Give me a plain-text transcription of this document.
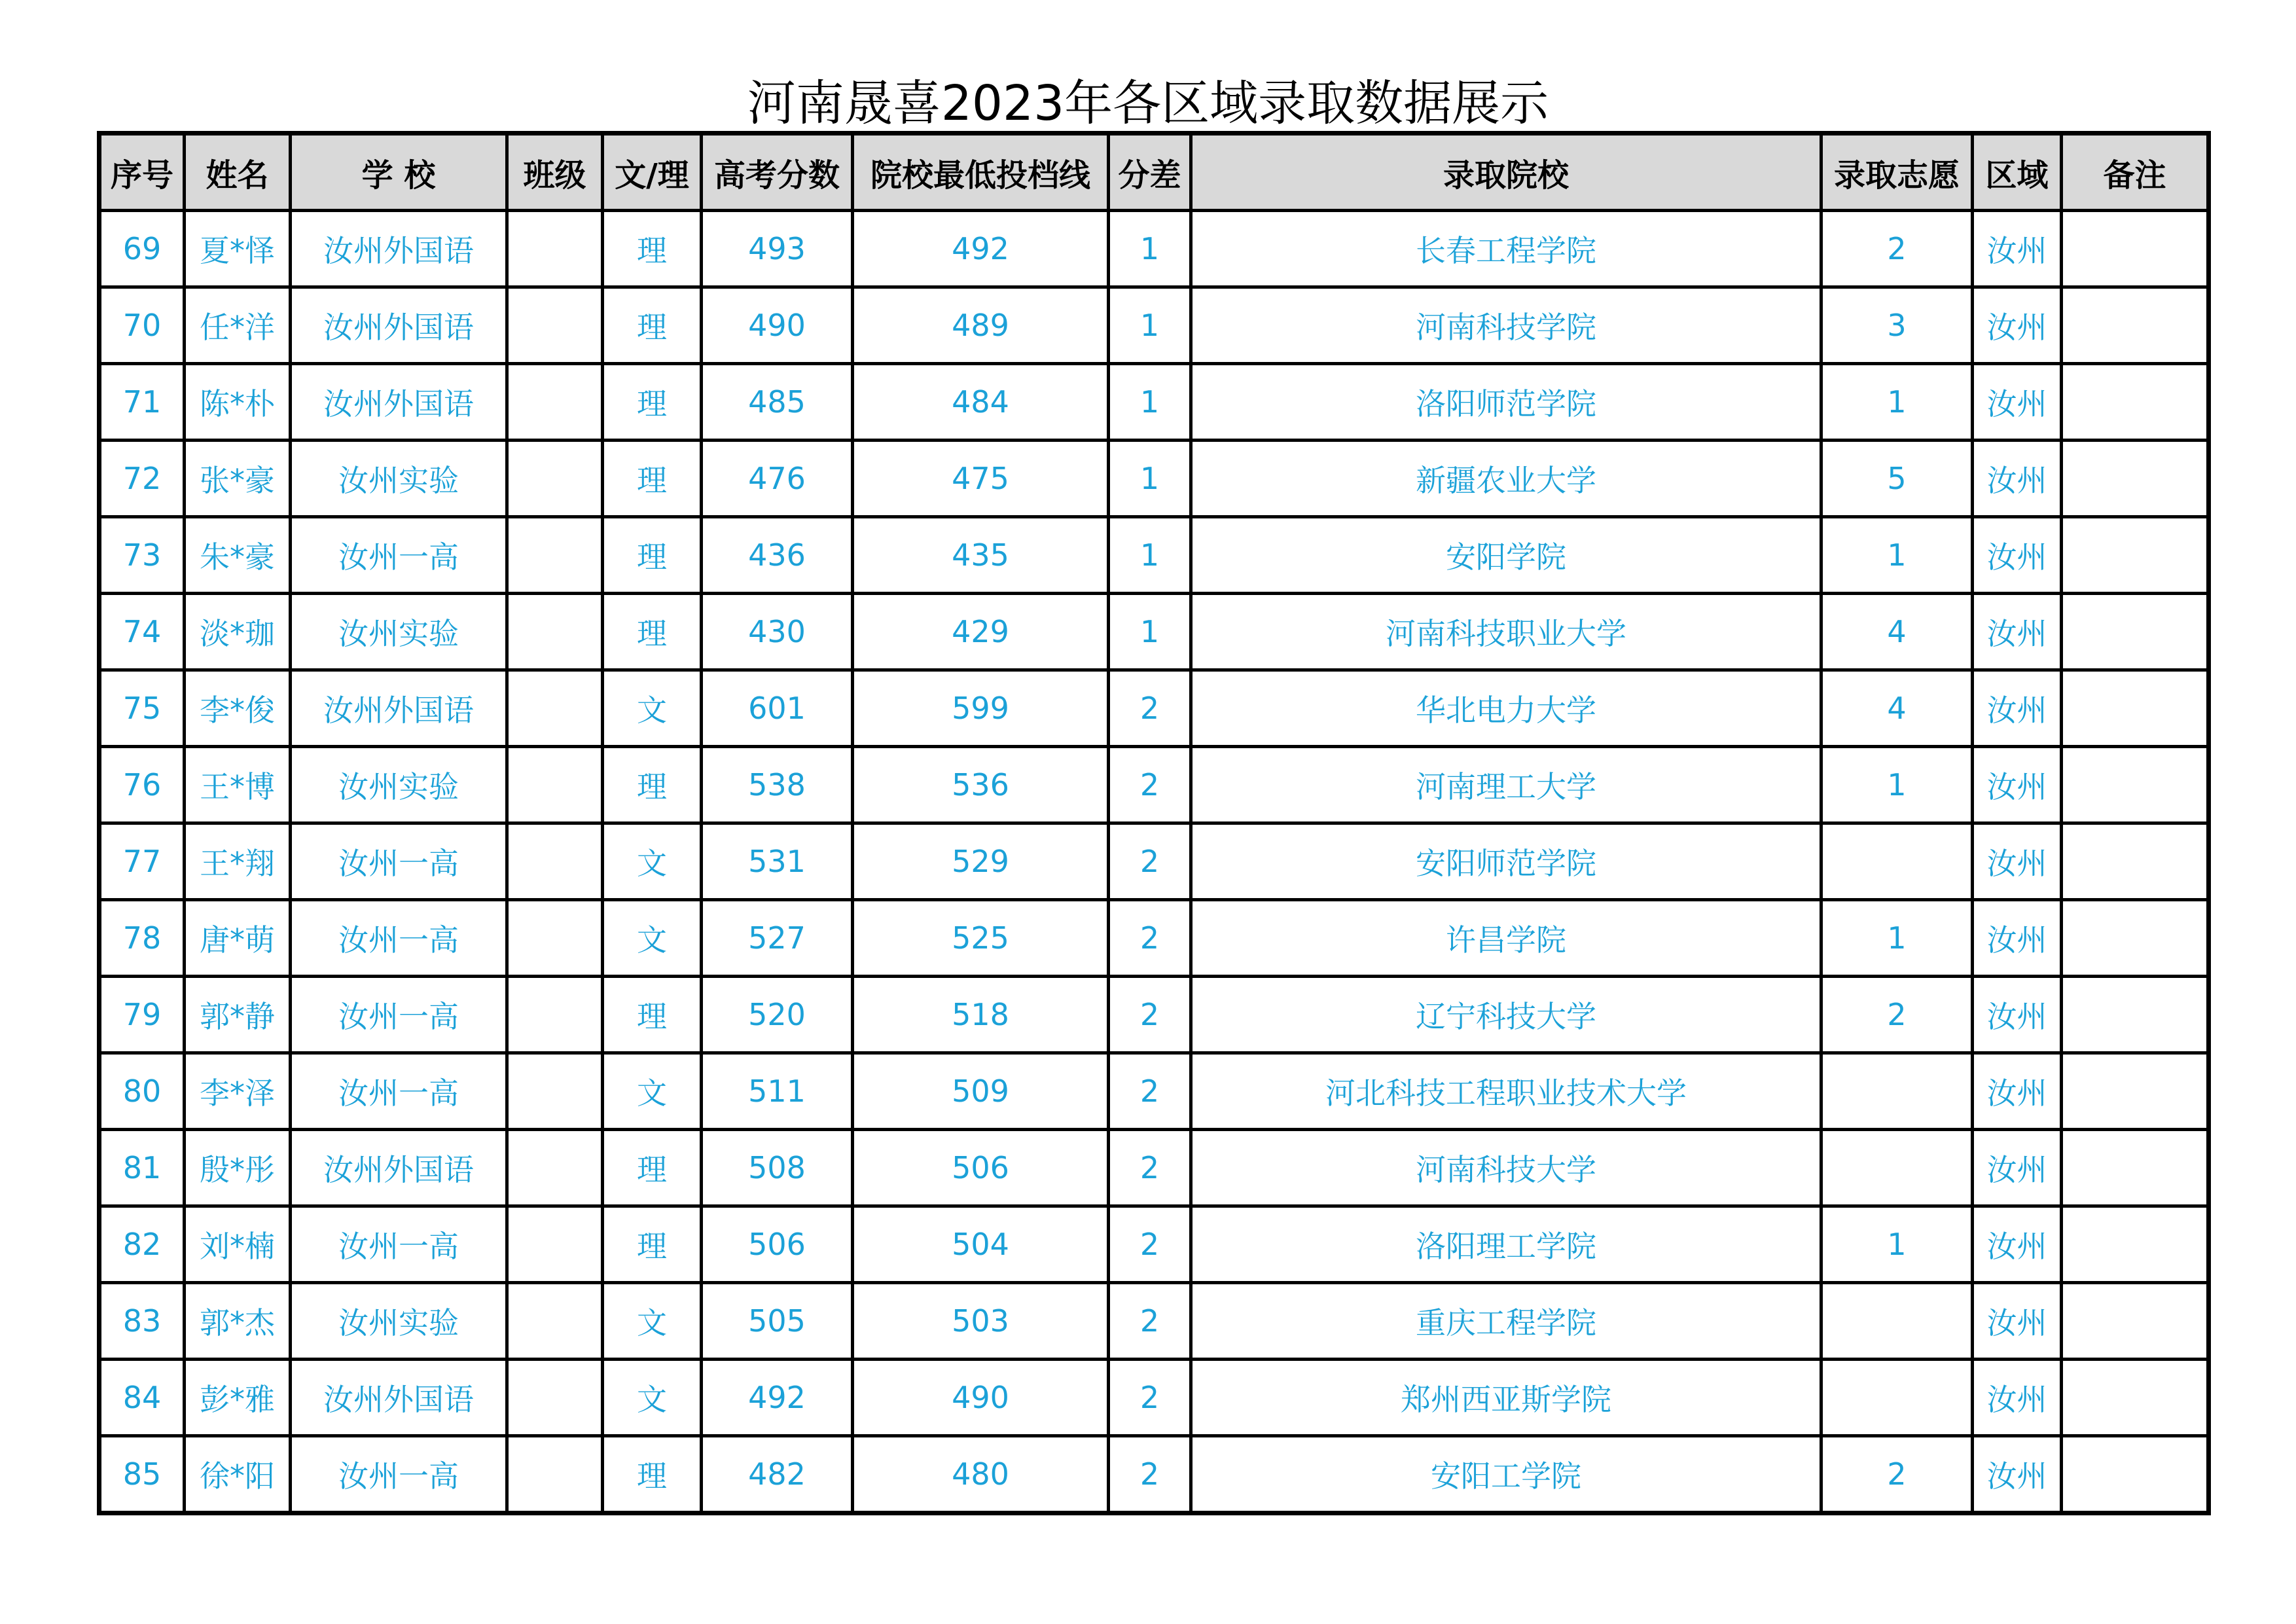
河南晟喜2023年各区域录取数据展示
序号	姓名	学 校	班级	文/理	高考分数	院校最低投档线	分差	录取院校	录取志愿	区域	备注
69	夏*怿	汝州外国语		理	493	492	1	长春工程学院	2	汝州	
70	任*洋	汝州外国语		理	490	489	1	河南科技学院	3	汝州	
71	陈*朴	汝州外国语		理	485	484	1	洛阳师范学院	1	汝州	
72	张*豪	汝州实验		理	476	475	1	新疆农业大学	5	汝州	
73	朱*豪	汝州一高		理	436	435	1	安阳学院	1	汝州	
74	淡*珈	汝州实验		理	430	429	1	河南科技职业大学	4	汝州	
75	李*俊	汝州外国语		文	601	599	2	华北电力大学	4	汝州	
76	王*博	汝州实验		理	538	536	2	河南理工大学	1	汝州	
77	王*翔	汝州一高		文	531	529	2	安阳师范学院		汝州	
78	唐*萌	汝州一高		文	527	525	2	许昌学院	1	汝州	
79	郭*静	汝州一高		理	520	518	2	辽宁科技大学	2	汝州	
80	李*泽	汝州一高		文	511	509	2	河北科技工程职业技术大学		汝州	
81	殷*彤	汝州外国语		理	508	506	2	河南科技大学		汝州	
82	刘*楠	汝州一高		理	506	504	2	洛阳理工学院	1	汝州	
83	郭*杰	汝州实验		文	505	503	2	重庆工程学院		汝州	
84	彭*雅	汝州外国语		文	492	490	2	郑州西亚斯学院		汝州	
85	徐*阳	汝州一高		理	482	480	2	安阳工学院	2	汝州	
